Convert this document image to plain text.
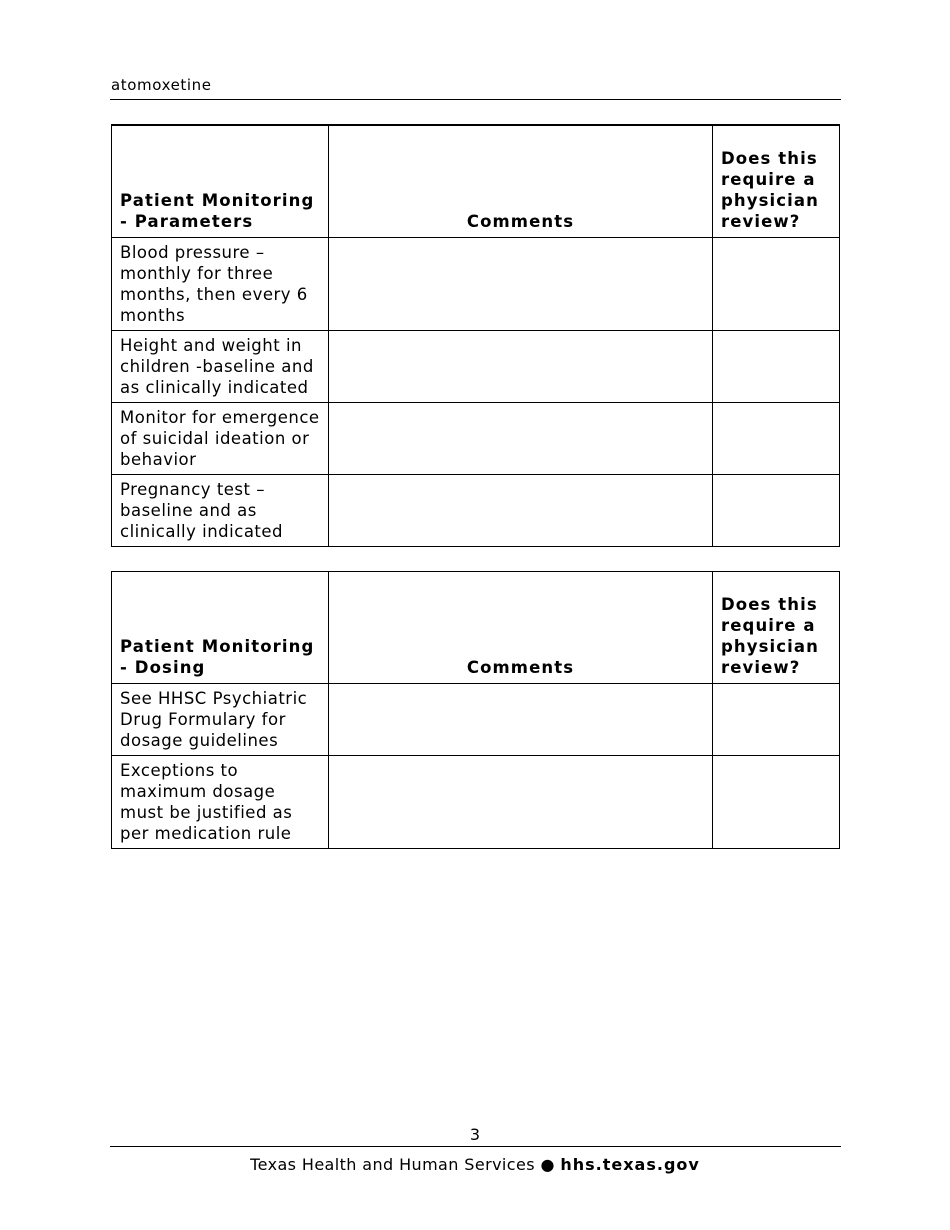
atomoxetine
Patient Monitoring - Parameters	Comments	Does this require a physician review?
Blood pressure – monthly for three months, then every 6 months		
Height and weight in children -baseline and as clinically indicated		
Monitor for emergence of suicidal ideation or behavior		
Pregnancy test – baseline and as clinically indicated		
Patient Monitoring - Dosing	Comments	Does this require a physician review?
See HHSC Psychiatric Drug Formulary for dosage guidelines		
Exceptions to maximum dosage must be justified as per medication rule		
3
Texas Health and Human Services ● hhs.texas.gov
